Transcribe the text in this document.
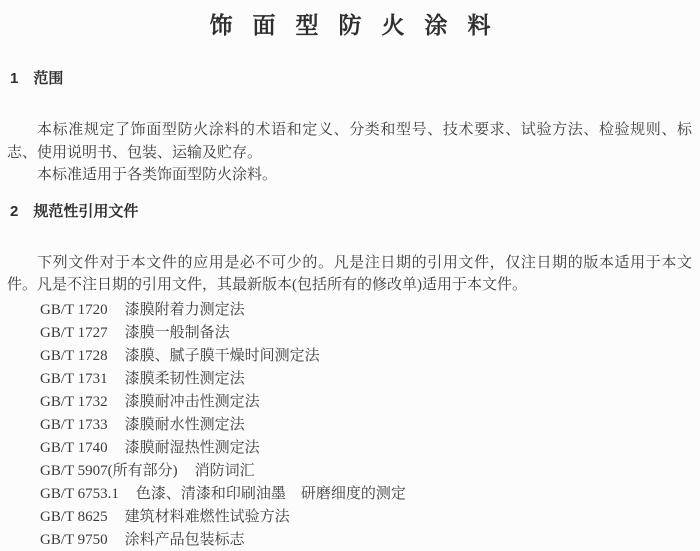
饰面型防火涂料
1 范围

本标准规定了饰面型防火涂料的术语和定义、分类和型号、技术要求、试验方法、检验规则、标志、使用说明书、包装、运输及贮存。

本标准适用于各类饰面型防火涂料。

2 规范性引用文件

下列文件对于本文件的应用是必不可少的。凡是注日期的引用文件，仅注日期的版本适用于本文件。凡是不注日期的引用文件，其最新版本(包括所有的修改单)适用于本文件。

GB/T 1720 漆膜附着力测定法
GB/T 1727 漆膜一般制备法
GB/T 1728 漆膜、腻子膜干燥时间测定法
GB/T 1731 漆膜柔韧性测定法
GB/T 1732 漆膜耐冲击性测定法
GB/T 1733 漆膜耐水性测定法
GB/T 1740 漆膜耐湿热性测定法
GB/T 5907(所有部分) 消防词汇
GB/T 6753.1 色漆、清漆和印刷油墨　研磨细度的测定
GB/T 8625 建筑材料难燃性试验方法
GB/T 9750 涂料产品包装标志
